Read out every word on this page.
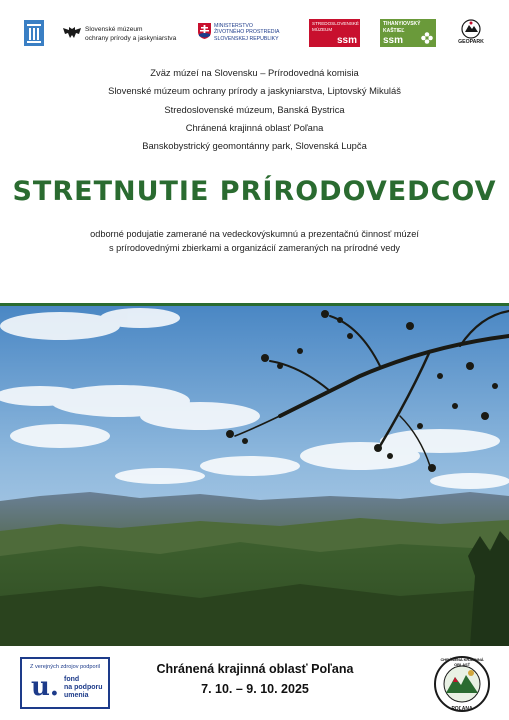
Slovenské múzeum
ochrany prírody a jaskyniarstva
MINISTERSTVO
ŽIVOTNÉHO PROSTREDIA
SLOVENSKEJ REPUBLIKY
STREDOSLOVENSKÉ
MÚZEUM
ssm
TIHANYIOVSKÝ
KAŠTIEĽ
ssm	GEOPARK
Zväz múzeí na Slovensku – Prírodovedná komisia
Slovenské múzeum ochrany prírody a jaskyniarstva, Liptovský Mikuláš
Stredoslovenské múzeum, Banská Bystrica
Chránená krajinná oblasť Poľana
Banskobystrický geomontánny park, Slovenská Lupča
STRETNUTIE PRÍRODOVEDCOV
odborné podujatie zamerané na vedeckovýskumnú a prezentačnú činnosť múzeí
s prírodovednými zbierkami a organizácií zameraných na prírodné vedy
Z verejných zdrojov podporil
u. fond
na podporu
umenia
Chránená krajinná oblasť Poľana
7. 10. – 9. 10. 2025
CHRÁNENÁ KRAJINNÁ OBLASŤ
POĽANA
